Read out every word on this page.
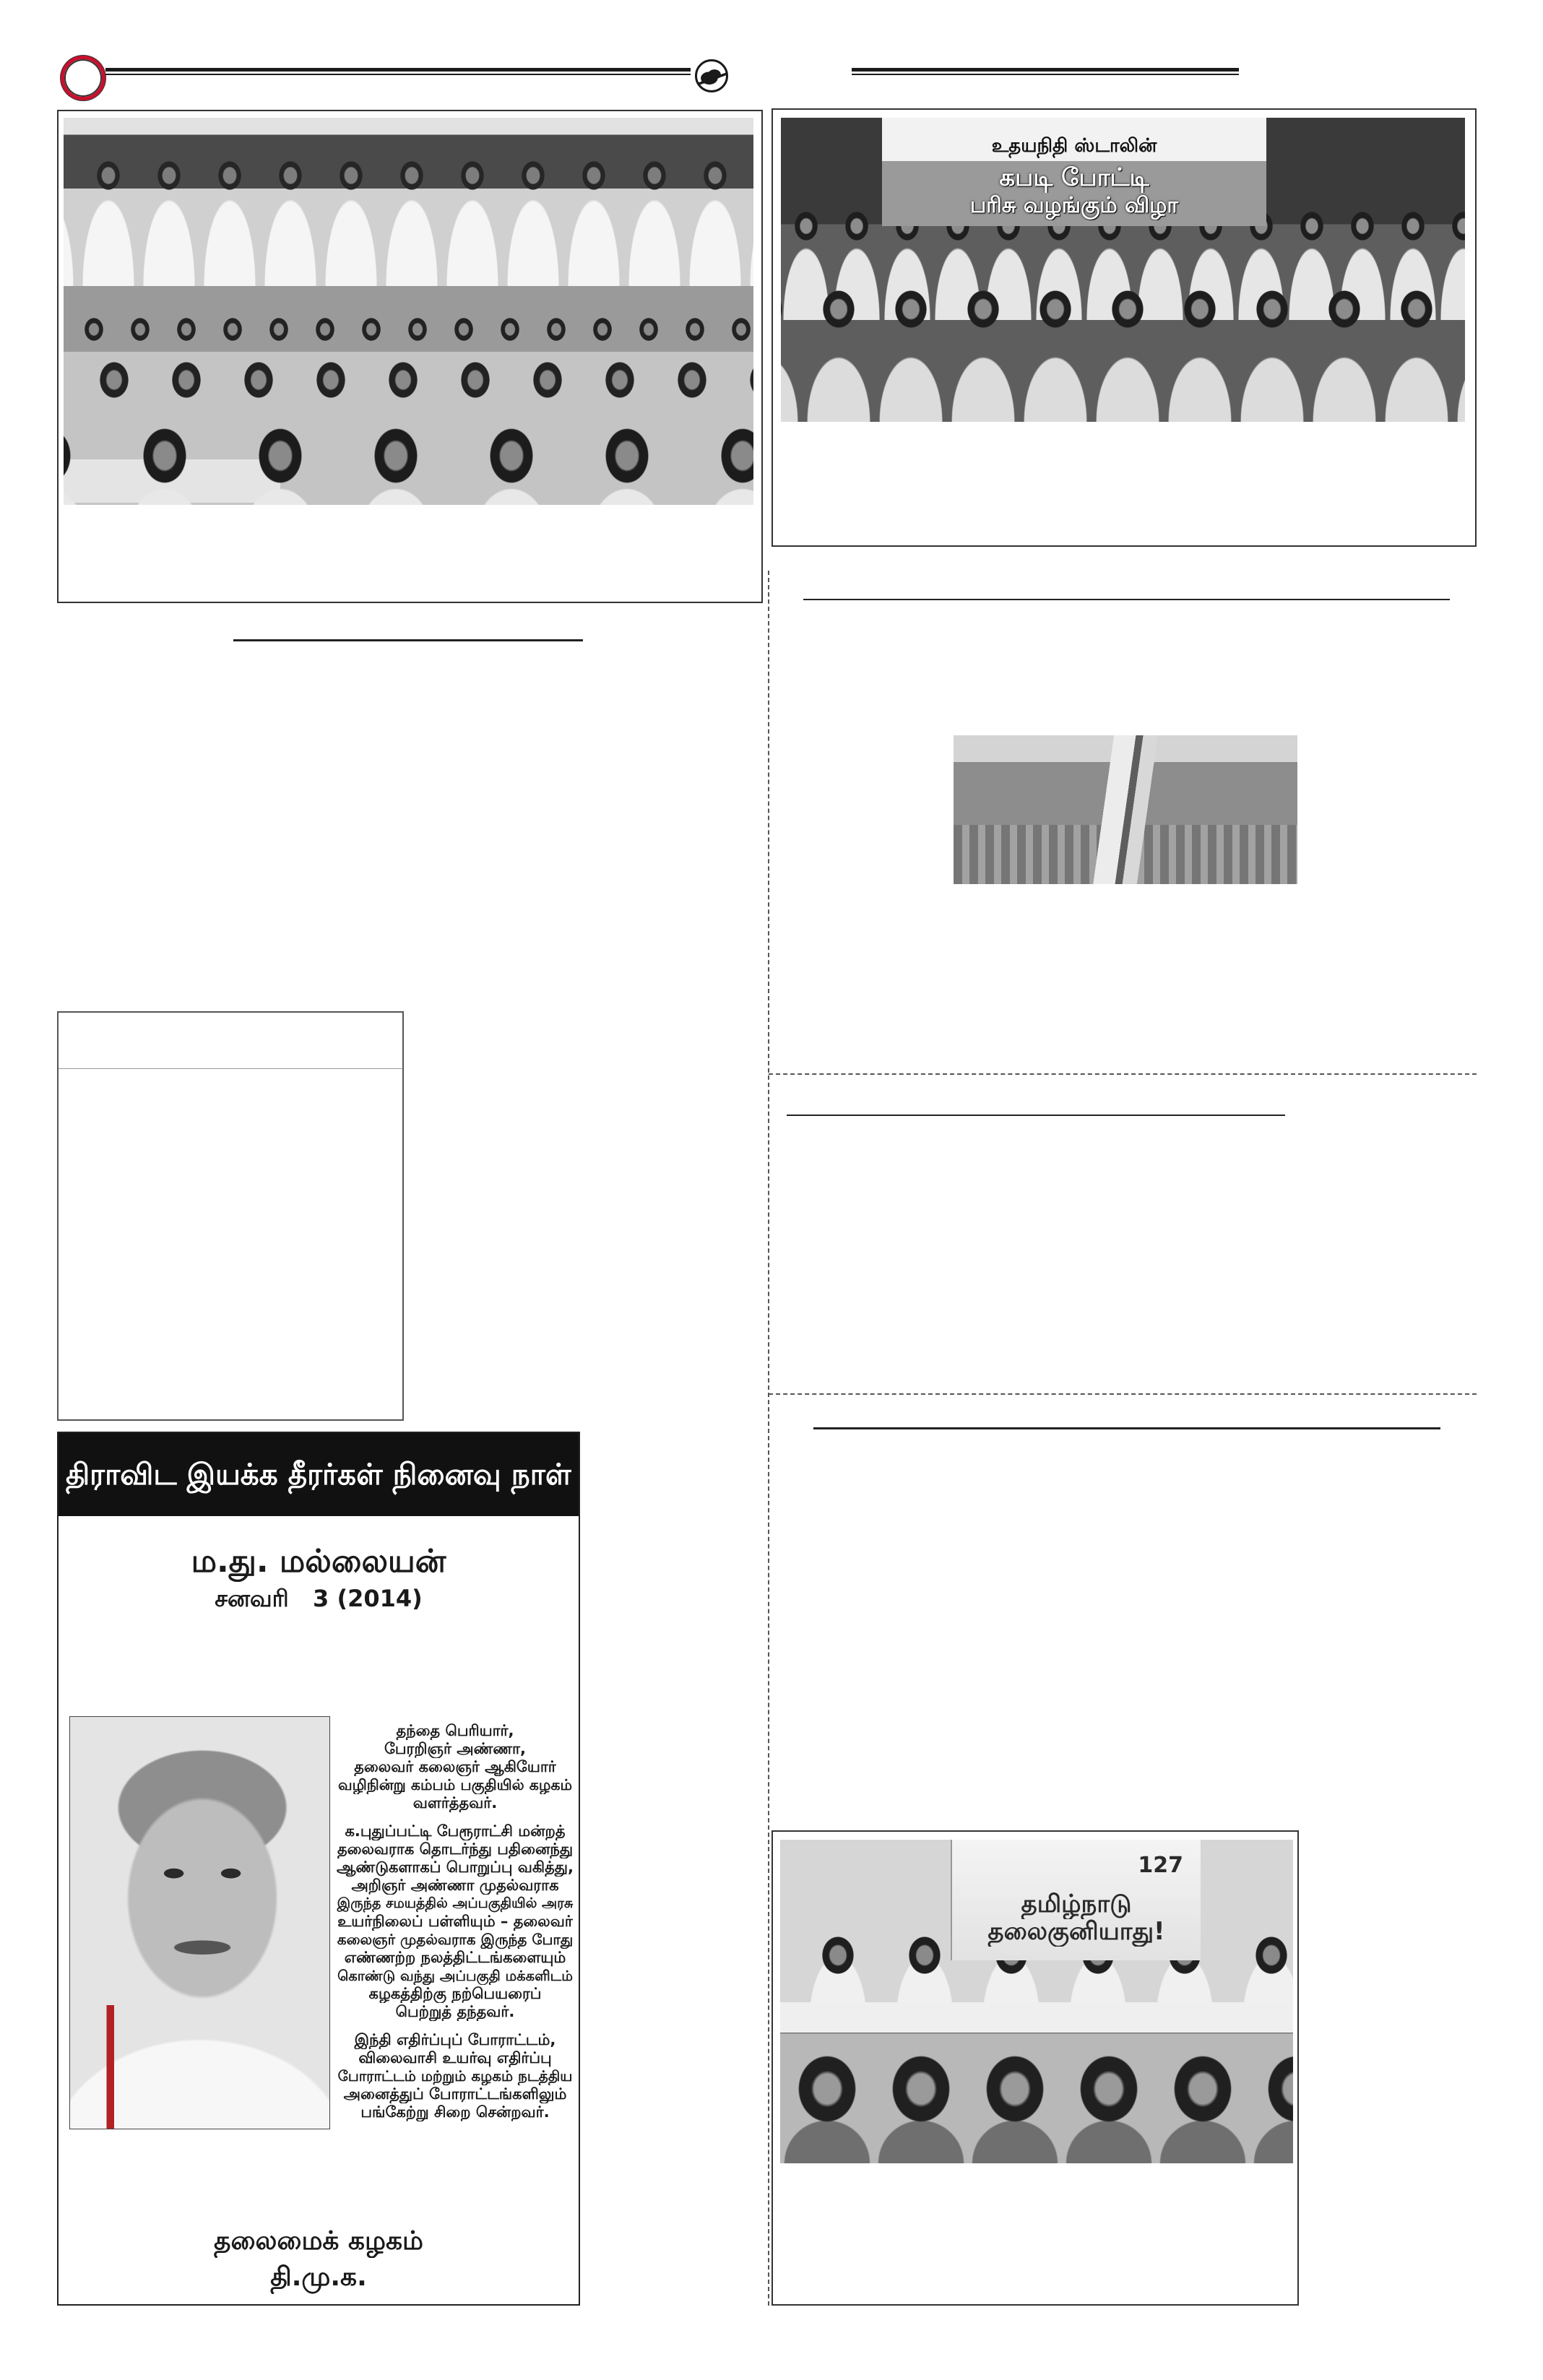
திராவிட இயக்க தீரர்கள் நினைவு நாள்
ம.து. மல்லையன்
சனவரி   3 (2014)
தந்தை பெரியார்,
பேரறிஞர் அண்ணா,
தலைவர் கலைஞர் ஆகியோர்
வழிநின்று கம்பம் பகுதியில் கழகம்
வளர்த்தவர்.
க.புதுப்பட்டி பேரூராட்சி மன்றத்
தலைவராக தொடர்ந்து பதினைந்து
ஆண்டுகளாகப் பொறுப்பு வகித்து,
அறிஞர் அண்ணா முதல்வராக
இருந்த சமயத்தில் அப்பகுதியில் அரசு
உயர்நிலைப் பள்ளியும் – தலைவர்
கலைஞர் முதல்வராக இருந்த போது
எண்ணற்ற நலத்திட்டங்களையும்
கொண்டு வந்து அப்பகுதி மக்களிடம்
கழகத்திற்கு நற்பெயரைப்
பெற்றுத் தந்தவர்.
இந்தி எதிர்ப்புப் போராட்டம்,
விலைவாசி உயர்வு எதிர்ப்பு
போராட்டம் மற்றும் கழகம் நடத்திய
அனைத்துப் போராட்டங்களிலும்
பங்கேற்று சிறை சென்றவர்.
தலைமைக் கழகம்
தி.மு.க.
உதயநிதி ஸ்டாலின்
கபடி போட்டி
பரிசு வழங்கும் விழா
127
தமிழ்நாடு
தலைகுனியாது!
